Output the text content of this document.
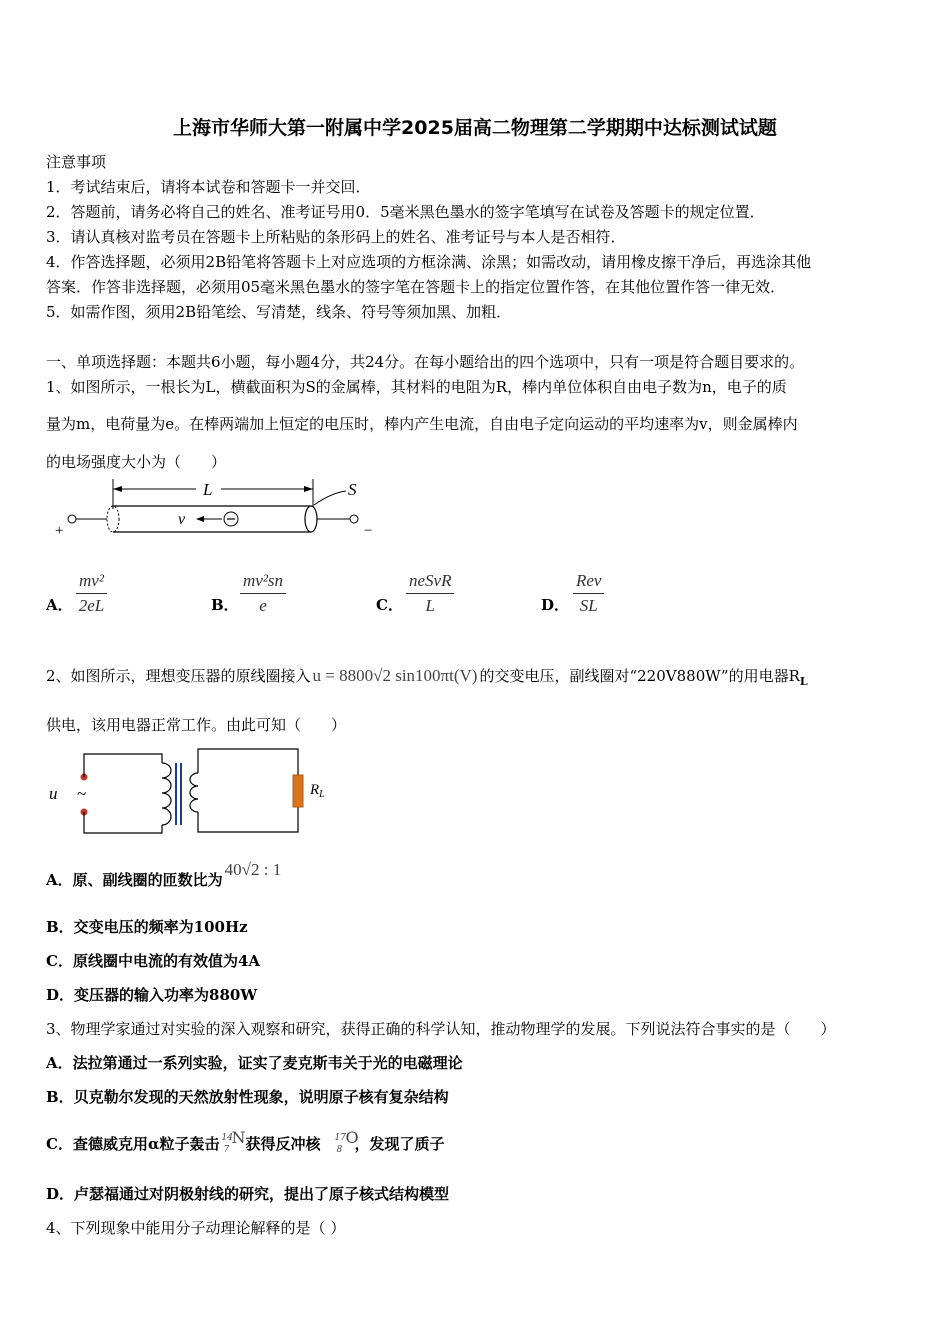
上海市华师大第一附属中学2025届高二物理第二学期期中达标测试试题
注意事项
1．考试结束后，请将本试卷和答题卡一并交回．
2．答题前，请务必将自己的姓名、准考证号用0．5毫米黑色墨水的签字笔填写在试卷及答题卡的规定位置．
3．请认真核对监考员在答题卡上所粘贴的条形码上的姓名、准考证号与本人是否相符．
4．作答选择题，必须用2B铅笔将答题卡上对应选项的方框涂满、涂黑；如需改动，请用橡皮擦干净后，再选涂其他
答案．作答非选择题，必须用05毫米黑色墨水的签字笔在答题卡上的指定位置作答，在其他位置作答一律无效．
5．如需作图，须用2B铅笔绘、写清楚，线条、符号等须加黑、加粗．
一、单项选择题：本题共6小题，每小题4分，共24分。在每小题给出的四个选项中，只有一项是符合题目要求的。
1、如图所示，一根长为L，横截面积为S的金属棒，其材料的电阻为R，棒内单位体积自由电子数为n，电子的质
量为m，电荷量为e。在棒两端加上恒定的电压时，棒内产生电流，自由电子定向运动的平均速率为v，则金属棒内
的电场强度大小为（　　）
L	S
+	−
v
A． $\frac{\text{mv²}}{2eL}$	B． $\frac{\text{mv²sn}}{e}$	C．
neSvR
L	D．
Rev
SL
2、如图所示，理想变压器的原线圈接入 u = 8800√2 sin100πt(V) 的交变电压，副线圈对“220V880W”的用电器$R_L$
供电，该用电器正常工作。由此可知（　　）
u ~	$R_L$
A．原、副线圈的匝数比为40√2 : 1
B．交变电压的频率为100Hz
C．原线圈中电流的有效值为4A
D．变压器的输入功率为880W
3、物理学家通过对实验的深入观察和研究，获得正确的科学认知，推动物理学的发展。下列说法符合事实的是（　　）
A．法拉第通过一系列实验，证实了麦克斯韦关于光的电磁理论
B．贝克勒尔发现的天然放射性现象，说明原子核有复杂结构
C．查德威克用α粒子轰击 14
7
N 获得反冲核 17
8
O
，发现了质子
D．卢瑟福通过对阴极射线的研究，提出了原子核式结构模型
4、下列现象中能用分子动理论解释的是（ ）
